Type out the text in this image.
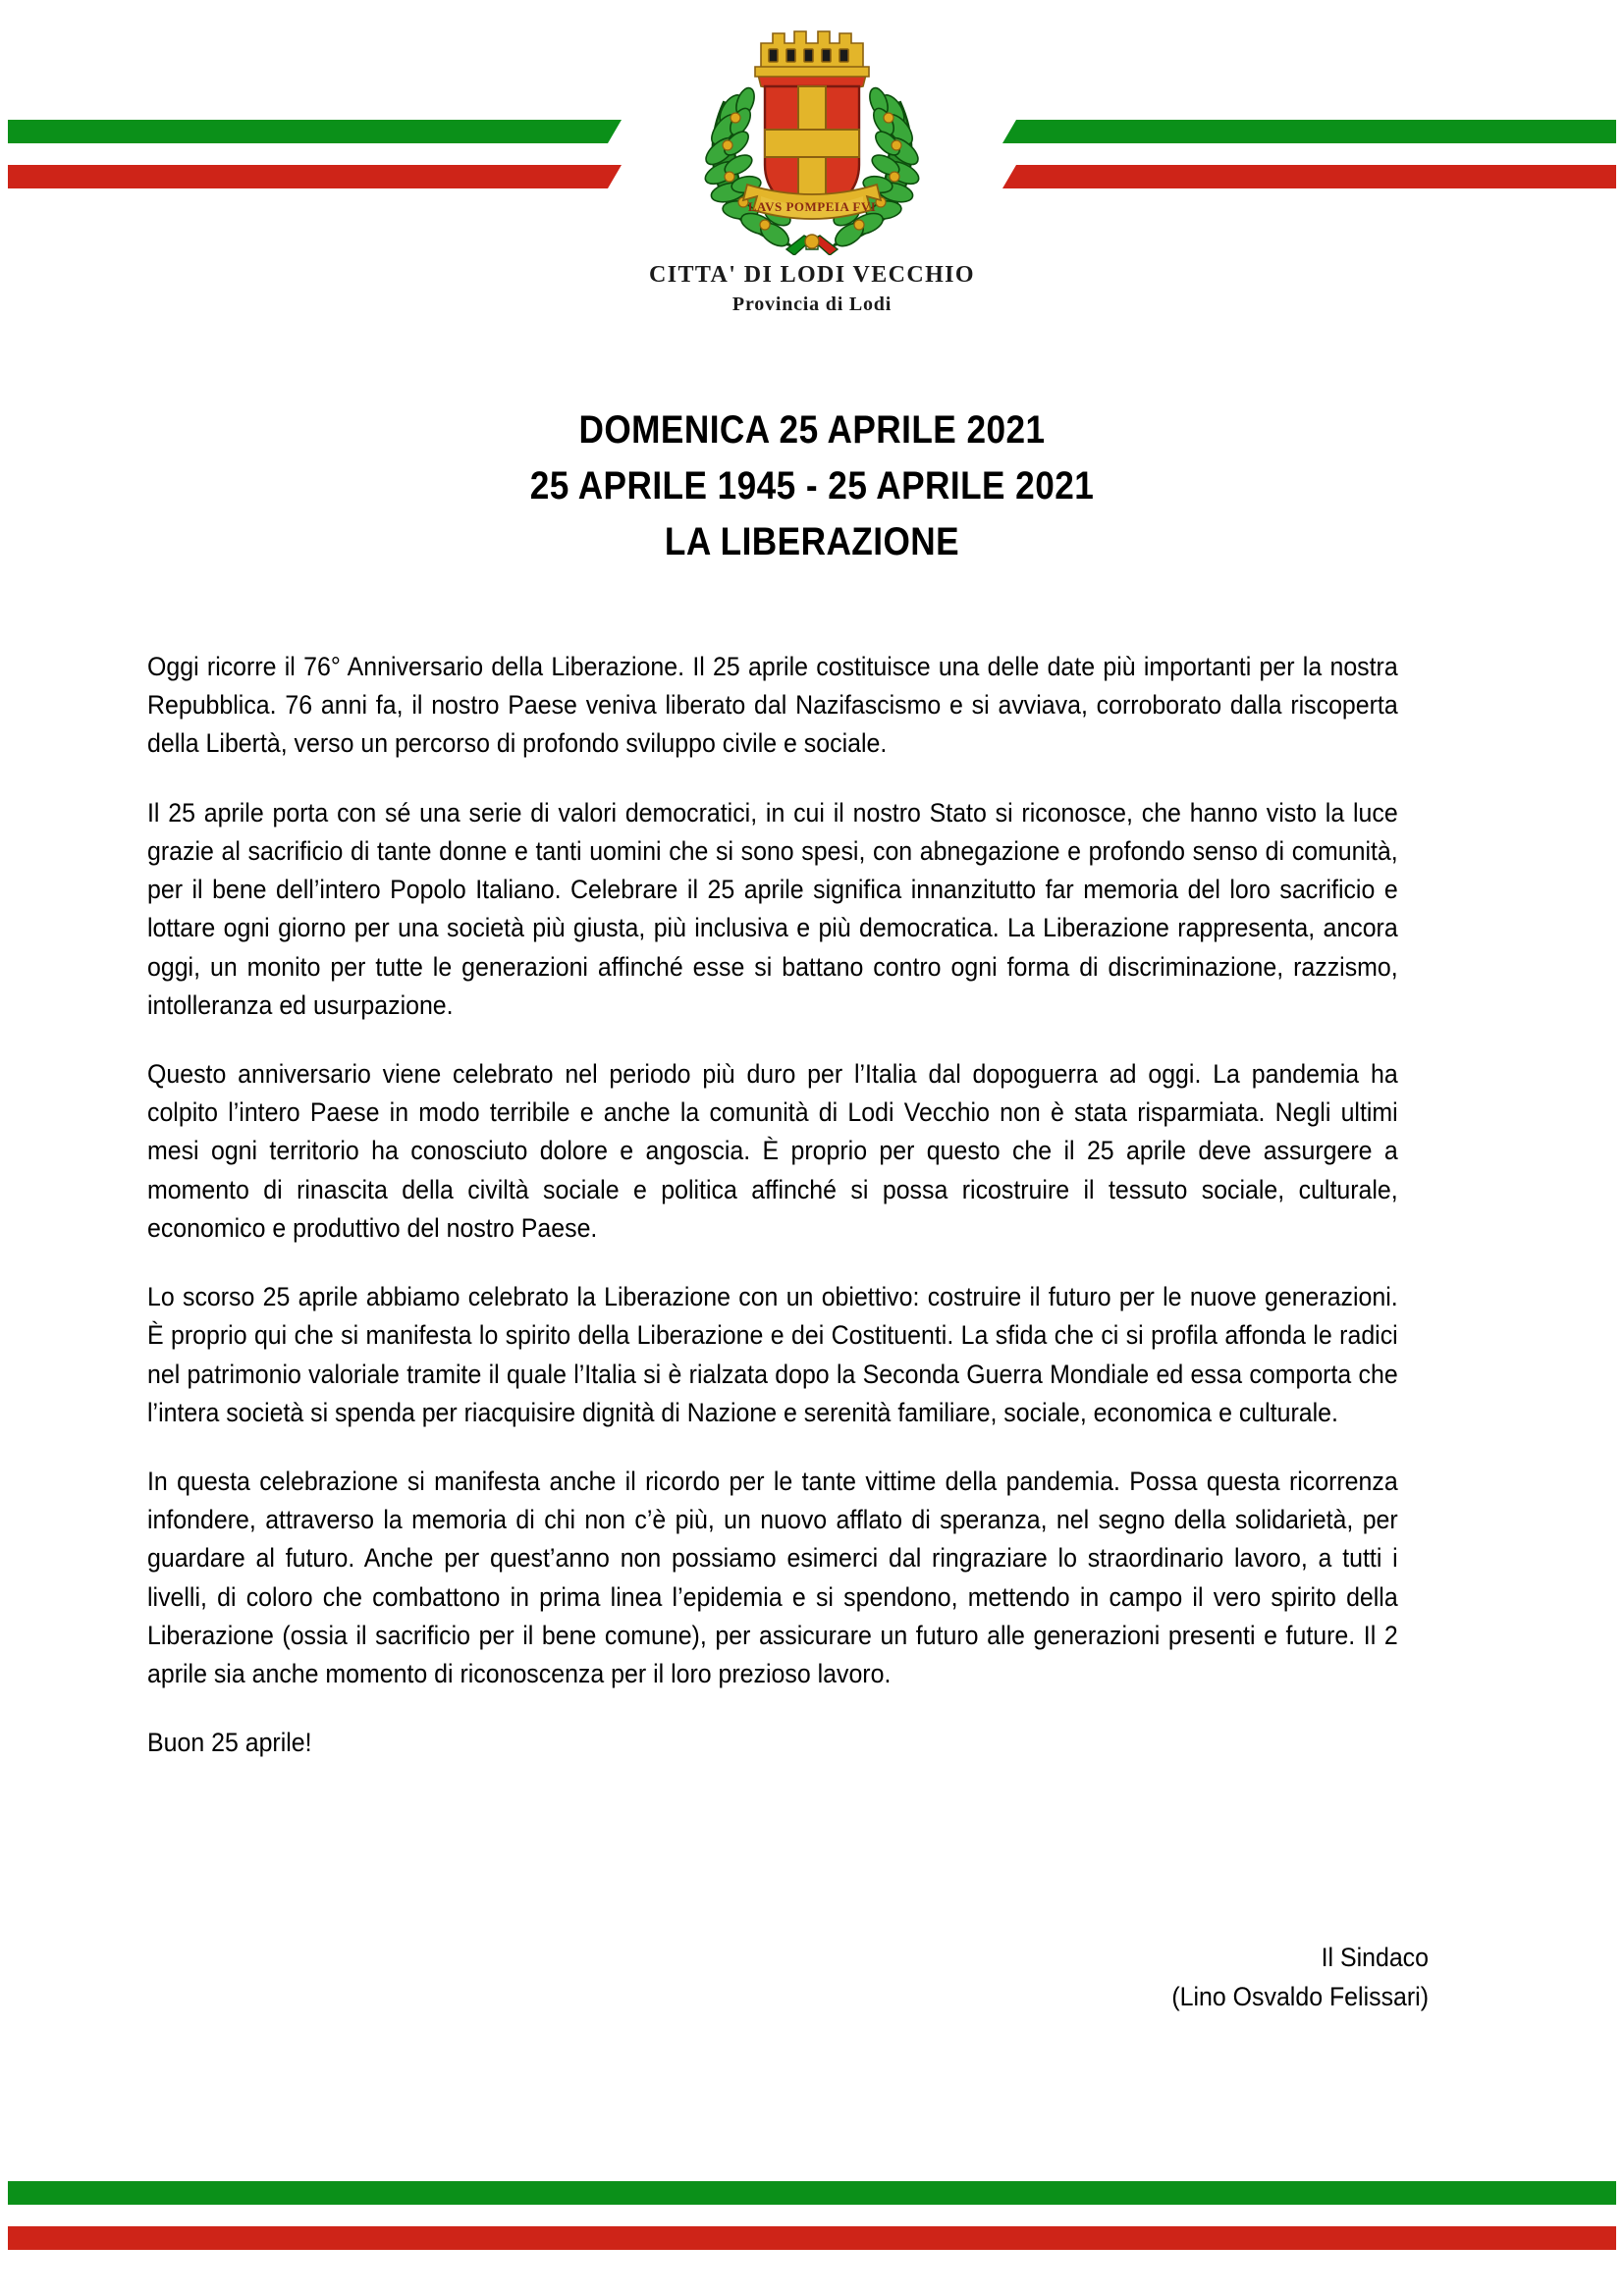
LAVS POMPEIA FVI
CITTA' DI LODI VECCHIO
Provincia di Lodi
DOMENICA 25 APRILE 2021
25 APRILE 1945 - 25 APRILE 2021
LA LIBERAZIONE

Oggi ricorre il 76° Anniversario della Liberazione. Il 25 aprile costituisce una delle date più importanti per la nostra Repubblica. 76 anni fa, il nostro Paese veniva liberato dal Nazifascismo e si avviava, corroborato dalla riscoperta della Libertà, verso un percorso di profondo sviluppo civile e sociale.

Il 25 aprile porta con sé una serie di valori democratici, in cui il nostro Stato si riconosce, che hanno visto la luce grazie al sacrificio di tante donne e tanti uomini che si sono spesi, con abnegazione e profondo senso di comunità, per il bene dell’intero Popolo Italiano. Celebrare il 25 aprile significa innanzitutto far memoria del loro sacrificio e lottare ogni giorno per una società più giusta, più inclusiva e più democratica. La Liberazione rappresenta, ancora oggi, un monito per tutte le generazioni affinché esse si battano contro ogni forma di discriminazione, razzismo, intolleranza ed usurpazione.

Questo anniversario viene celebrato nel periodo più duro per l’Italia dal dopoguerra ad oggi. La pandemia ha colpito l’intero Paese in modo terribile e anche la comunità di Lodi Vecchio non è stata risparmiata. Negli ultimi mesi ogni territorio ha conosciuto dolore e angoscia. È proprio per questo che il 25 aprile deve assurgere a momento di rinascita della civiltà sociale e politica affinché si possa ricostruire il tessuto sociale, culturale, economico e produttivo del nostro Paese.

Lo scorso 25 aprile abbiamo celebrato la Liberazione con un obiettivo: costruire il futuro per le nuove generazioni. È proprio qui che si manifesta lo spirito della Liberazione e dei Costituenti. La sfida che ci si profila affonda le radici nel patrimonio valoriale tramite il quale l’Italia si è rialzata dopo la Seconda Guerra Mondiale ed essa comporta che l’intera società si spenda per riacquisire dignità di Nazione e serenità familiare, sociale, economica e culturale.

In questa celebrazione si manifesta anche il ricordo per le tante vittime della pandemia. Possa questa ricorrenza infondere, attraverso la memoria di chi non c’è più, un nuovo afflato di speranza, nel segno della solidarietà, per guardare al futuro. Anche per quest’anno non possiamo esimerci dal ringraziare lo straordinario lavoro, a tutti i livelli, di coloro che combattono in prima linea l’epidemia e si spendono, mettendo in campo il vero spirito della Liberazione (ossia il sacrificio per il bene comune), per assicurare un futuro alle generazioni presenti e future. Il 2 aprile sia anche momento di riconoscenza per il loro prezioso lavoro.

Buon 25 aprile!

Il Sindaco
(Lino Osvaldo Felissari)
